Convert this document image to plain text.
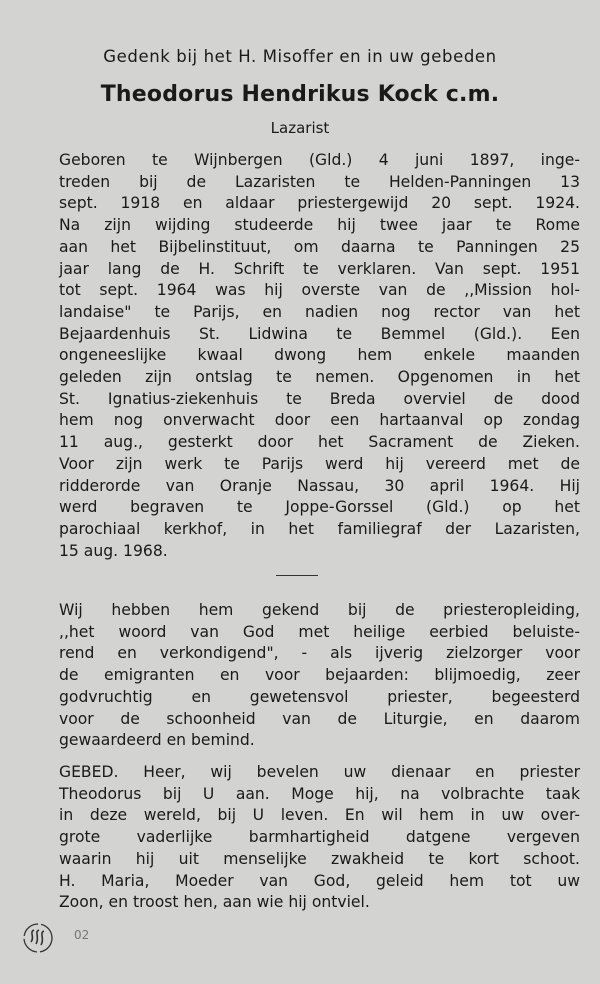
Gedenk bij het H. Misoffer en in uw gebeden
Theodorus Hendrikus Kock c.m.
Lazarist
Geboren te Wijnbergen (Gld.) 4 juni 1897, inge-
treden bij de Lazaristen te Helden-Panningen 13
sept. 1918 en aldaar priestergewijd 20 sept. 1924.
Na zijn wijding studeerde hij twee jaar te Rome
aan het Bijbelinstituut, om daarna te Panningen 25
jaar lang de H. Schrift te verklaren. Van sept. 1951
tot sept. 1964 was hij overste van de ,,Mission hol-
landaise" te Parijs, en nadien nog rector van het
Bejaardenhuis St. Lidwina te Bemmel (Gld.). Een
ongeneeslijke kwaal dwong hem enkele maanden
geleden zijn ontslag te nemen. Opgenomen in het
St. Ignatius-ziekenhuis te Breda overviel de dood
hem nog onverwacht door een hartaanval op zondag
11 aug., gesterkt door het Sacrament de Zieken.
Voor zijn werk te Parijs werd hij vereerd met de
ridderorde van Oranje Nassau, 30 april 1964. Hij
werd begraven te Joppe-Gorssel (Gld.) op het
parochiaal kerkhof, in het familiegraf der Lazaristen,
15 aug. 1968.
Wij hebben hem gekend bij de priesteropleiding,
,,het woord van God met heilige eerbied beluiste-
rend en verkondigend", - als ijverig zielzorger voor
de emigranten en voor bejaarden: blijmoedig, zeer
godvruchtig en gewetensvol priester, begeesterd
voor de schoonheid van de Liturgie, en daarom
gewaardeerd en bemind.
GEBED. Heer, wij bevelen uw dienaar en priester
Theodorus bij U aan. Moge hij, na volbrachte taak
in deze wereld, bij U leven. En wil hem in uw over-
grote vaderlijke barmhartigheid datgene vergeven
waarin hij uit menselijke zwakheid te kort schoot.
H. Maria, Moeder van God, geleid hem tot uw
Zoon, en troost hen, aan wie hij ontviel.
02
